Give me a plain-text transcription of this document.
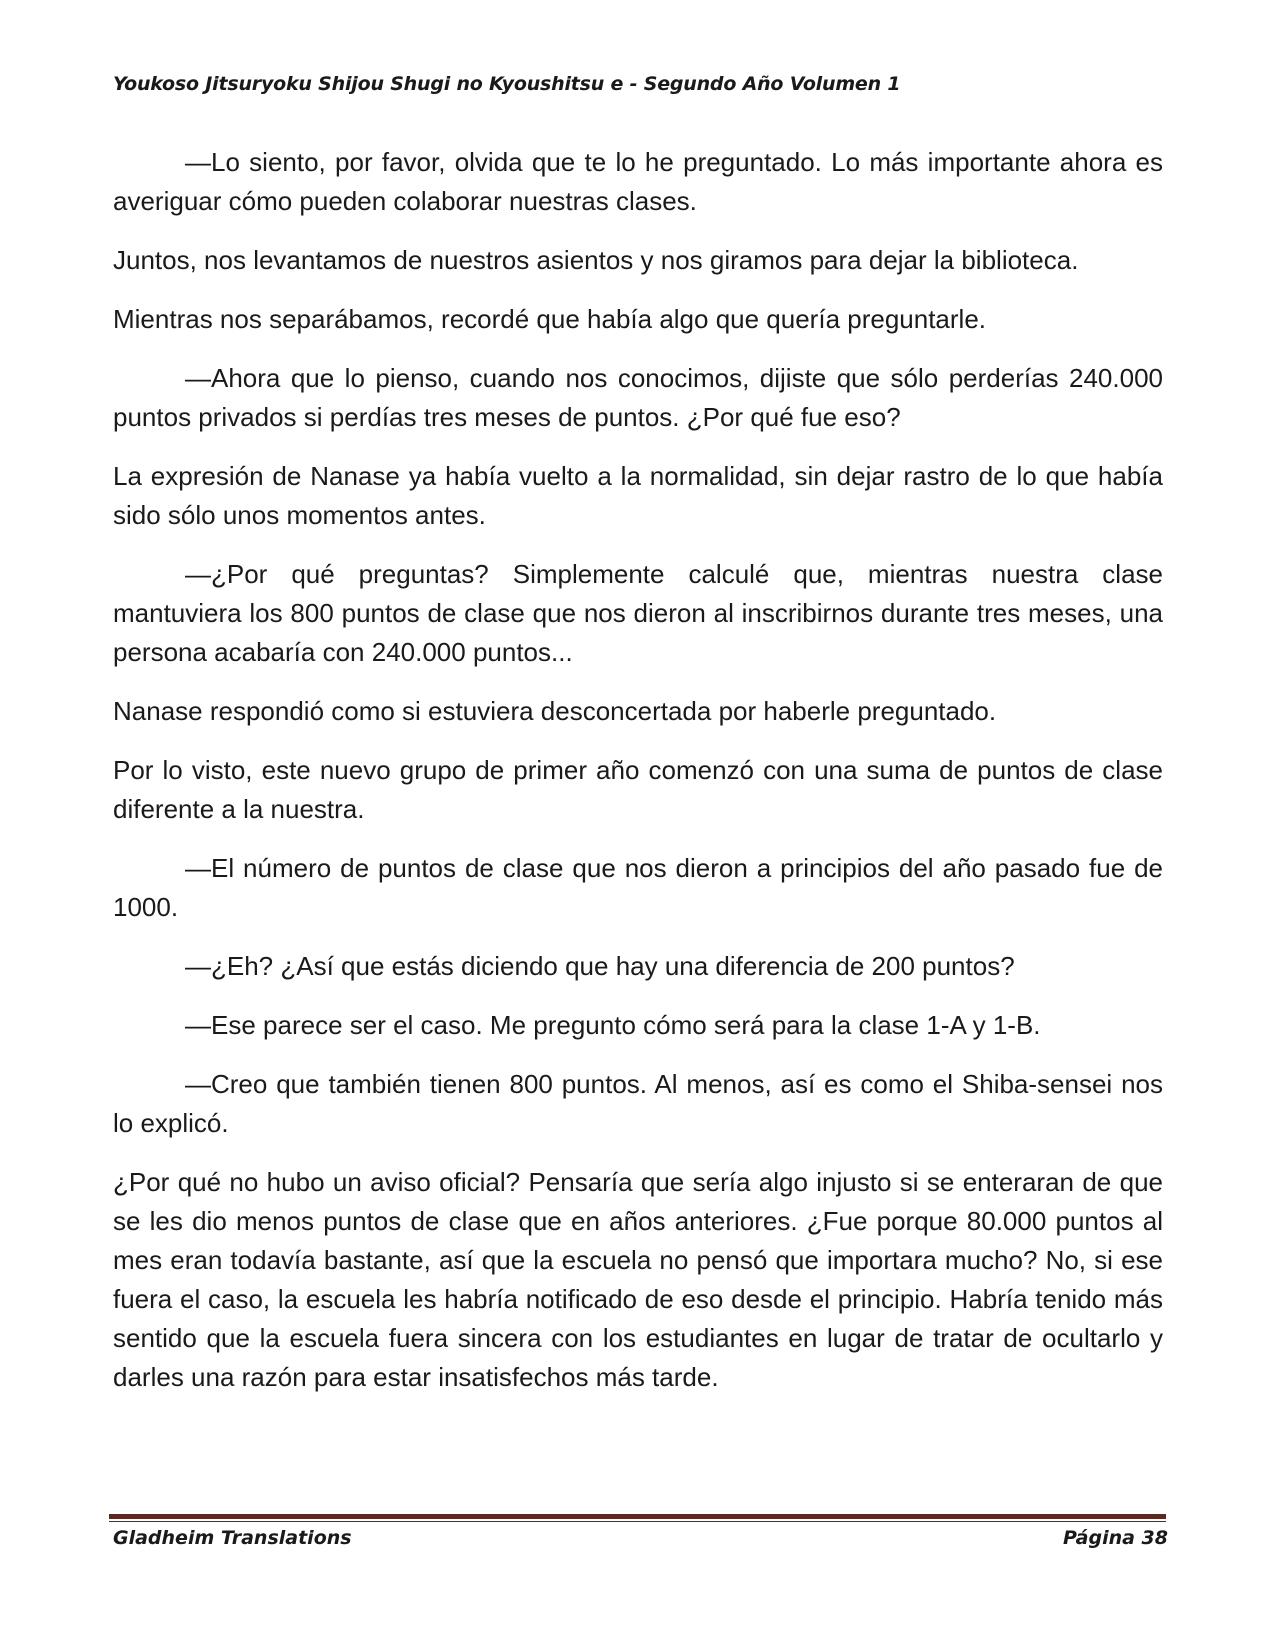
Youkoso Jitsuryoku Shijou Shugi no Kyoushitsu e - Segundo Año Volumen 1

—Lo siento, por favor, olvida que te lo he preguntado. Lo más importante ahora es averiguar cómo pueden colaborar nuestras clases.

Juntos, nos levantamos de nuestros asientos y nos giramos para dejar la biblioteca.

Mientras nos separábamos, recordé que había algo que quería preguntarle.

—Ahora que lo pienso, cuando nos conocimos, dijiste que sólo perderías 240.000 puntos privados si perdías tres meses de puntos. ¿Por qué fue eso?

La expresión de Nanase ya había vuelto a la normalidad, sin dejar rastro de lo que había sido sólo unos momentos antes.

—¿Por qué preguntas? Simplemente calculé que, mientras nuestra clase mantuviera los 800 puntos de clase que nos dieron al inscribirnos durante tres meses, una persona acabaría con 240.000 puntos...

Nanase respondió como si estuviera desconcertada por haberle preguntado.

Por lo visto, este nuevo grupo de primer año comenzó con una suma de puntos de clase diferente a la nuestra.

—El número de puntos de clase que nos dieron a principios del año pasado fue de 1000.

—¿Eh? ¿Así que estás diciendo que hay una diferencia de 200 puntos?

—Ese parece ser el caso. Me pregunto cómo será para la clase 1-A y 1-B.

—Creo que también tienen 800 puntos. Al menos, así es como el Shiba-sensei nos lo explicó.

¿Por qué no hubo un aviso oficial? Pensaría que sería algo injusto si se enteraran de que se les dio menos puntos de clase que en años anteriores. ¿Fue porque 80.000 puntos al mes eran todavía bastante, así que la escuela no pensó que importara mucho? No, si ese fuera el caso, la escuela les habría notificado de eso desde el principio. Habría tenido más sentido que la escuela fuera sincera con los estudiantes en lugar de tratar de ocultarlo y darles una razón para estar insatisfechos más tarde.

Gladheim Translations	Página 38
